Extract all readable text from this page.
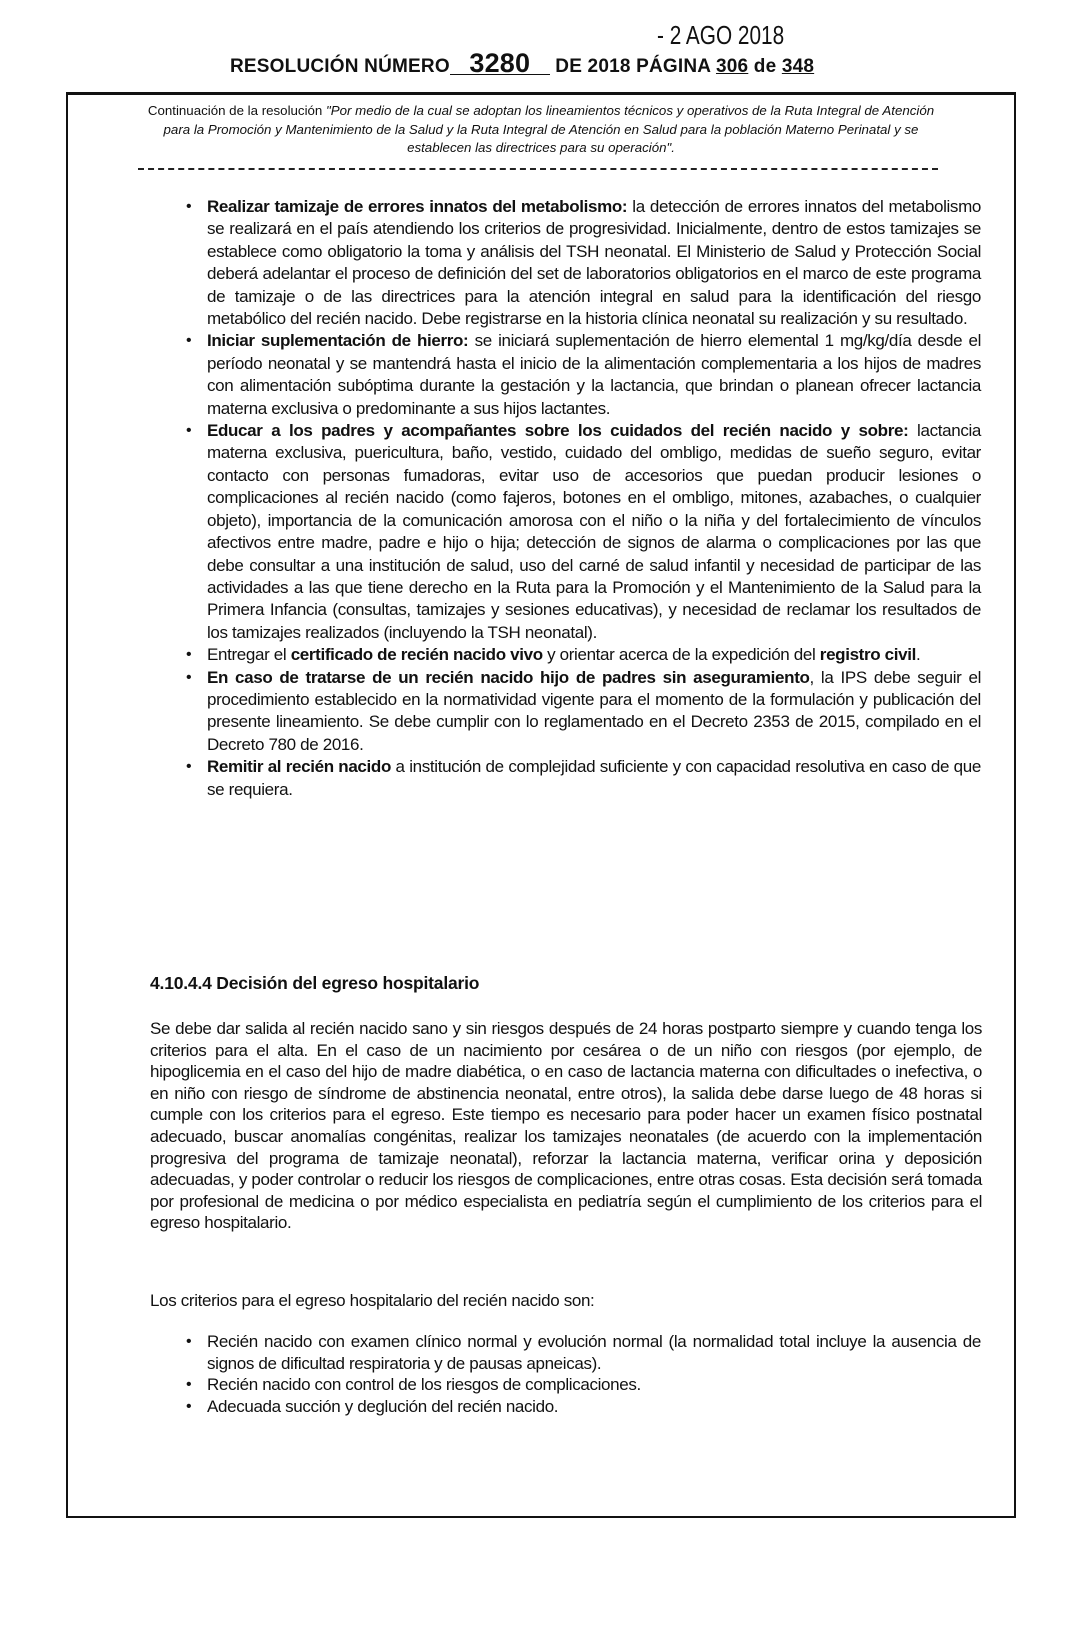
- 2 AGO 2018
RESOLUCIÓN NÚMERO 3280 DE 2018 PÁGINA 306 de 348
Continuación de la resolución "Por medio de la cual se adoptan los lineamientos técnicos y operativos de la Ruta Integral de Atención para la Promoción y Mantenimiento de la Salud y la Ruta Integral de Atención en Salud para la población Materno Perinatal y se establecen las directrices para su operación".
• Realizar tamizaje de errores innatos del metabolismo: la detección de errores innatos del metabolismo se realizará en el país atendiendo los criterios de progresividad. Inicialmente, dentro de estos tamizajes se establece como obligatorio la toma y análisis del TSH neonatal. El Ministerio de Salud y Protección Social deberá adelantar el proceso de definición del set de laboratorios obligatorios en el marco de este programa de tamizaje o de las directrices para la atención integral en salud para la identificación del riesgo metabólico del recién nacido. Debe registrarse en la historia clínica neonatal su realización y su resultado.
• Iniciar suplementación de hierro: se iniciará suplementación de hierro elemental 1 mg/kg/día desde el período neonatal y se mantendrá hasta el inicio de la alimentación complementaria a los hijos de madres con alimentación subóptima durante la gestación y la lactancia, que brindan o planean ofrecer lactancia materna exclusiva o predominante a sus hijos lactantes.
• Educar a los padres y acompañantes sobre los cuidados del recién nacido y sobre: lactancia materna exclusiva, puericultura, baño, vestido, cuidado del ombligo, medidas de sueño seguro, evitar contacto con personas fumadoras, evitar uso de accesorios que puedan producir lesiones o complicaciones al recién nacido (como fajeros, botones en el ombligo, mitones, azabaches, o cualquier objeto), importancia de la comunicación amorosa con el niño o la niña y del fortalecimiento de vínculos afectivos entre madre, padre e hijo o hija; detección de signos de alarma o complicaciones por las que debe consultar a una institución de salud, uso del carné de salud infantil y necesidad de participar de las actividades a las que tiene derecho en la Ruta para la Promoción y el Mantenimiento de la Salud para la Primera Infancia (consultas, tamizajes y sesiones educativas), y necesidad de reclamar los resultados de los tamizajes realizados (incluyendo la TSH neonatal).
• Entregar el certificado de recién nacido vivo y orientar acerca de la expedición del registro civil.
• En caso de tratarse de un recién nacido hijo de padres sin aseguramiento, la IPS debe seguir el procedimiento establecido en la normatividad vigente para el momento de la formulación y publicación del presente lineamiento. Se debe cumplir con lo reglamentado en el Decreto 2353 de 2015, compilado en el Decreto 780 de 2016.
• Remitir al recién nacido a institución de complejidad suficiente y con capacidad resolutiva en caso de que se requiera.
4.10.4.4 Decisión del egreso hospitalario

Se debe dar salida al recién nacido sano y sin riesgos después de 24 horas postparto siempre y cuando tenga los criterios para el alta. En el caso de un nacimiento por cesárea o de un niño con riesgos (por ejemplo, de hipoglicemia en el caso del hijo de madre diabética, o en caso de lactancia materna con dificultades o inefectiva, o en niño con riesgo de síndrome de abstinencia neonatal, entre otros), la salida debe darse luego de 48 horas si cumple con los criterios para el egreso. Este tiempo es necesario para poder hacer un examen físico postnatal adecuado, buscar anomalías congénitas, realizar los tamizajes neonatales (de acuerdo con la implementación progresiva del programa de tamizaje neonatal), reforzar la lactancia materna, verificar orina y deposición adecuadas, y poder controlar o reducir los riesgos de complicaciones, entre otras cosas. Esta decisión será tomada por profesional de medicina o por médico especialista en pediatría según el cumplimiento de los criterios para el egreso hospitalario.

Los criterios para el egreso hospitalario del recién nacido son:

• Recién nacido con examen clínico normal y evolución normal (la normalidad total incluye la ausencia de signos de dificultad respiratoria y de pausas apneicas).
• Recién nacido con control de los riesgos de complicaciones.
• Adecuada succión y deglución del recién nacido.
